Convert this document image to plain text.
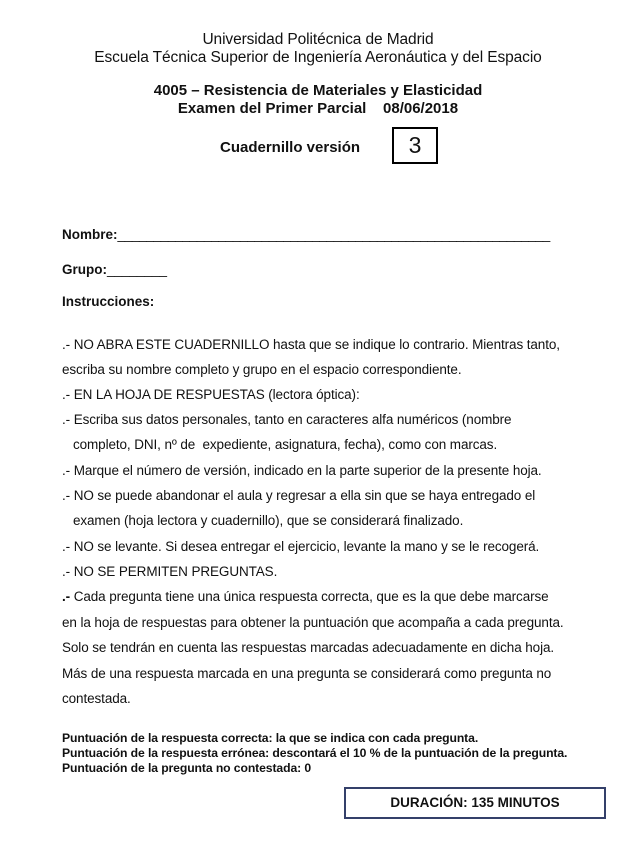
Universidad Politécnica de Madrid
Escuela Técnica Superior de Ingeniería Aeronáutica y del Espacio
4005 – Resistencia de Materiales y Elasticidad
Examen del Primer Parcial 08/06/2018
Cuadernillo versión	3
Nombre:____________________________________________________________
Grupo:________
Instrucciones:
.- NO ABRA ESTE CUADERNILLO hasta que se indique lo contrario. Mientras tanto,
escriba su nombre completo y grupo en el espacio correspondiente.
.- EN LA HOJA DE RESPUESTAS (lectora óptica):
.- Escriba sus datos personales, tanto en caracteres alfa numéricos (nombre
completo, DNI, nº de  expediente, asignatura, fecha), como con marcas.
.- Marque el número de versión, indicado en la parte superior de la presente hoja.
.- NO se puede abandonar el aula y regresar a ella sin que se haya entregado el
examen (hoja lectora y cuadernillo), que se considerará finalizado.
.- NO se levante. Si desea entregar el ejercicio, levante la mano y se le recogerá.
.- NO SE PERMITEN PREGUNTAS.
.- Cada pregunta tiene una única respuesta correcta, que es la que debe marcarse
en la hoja de respuestas para obtener la puntuación que acompaña a cada pregunta.
Solo se tendrán en cuenta las respuestas marcadas adecuadamente en dicha hoja.
Más de una respuesta marcada en una pregunta se considerará como pregunta no
contestada.
Puntuación de la respuesta correcta: la que se indica con cada pregunta.
Puntuación de la respuesta errónea: descontará el 10 % de la puntuación de la pregunta.
Puntuación de la pregunta no contestada: 0
DURACIÓN: 135 MINUTOS
